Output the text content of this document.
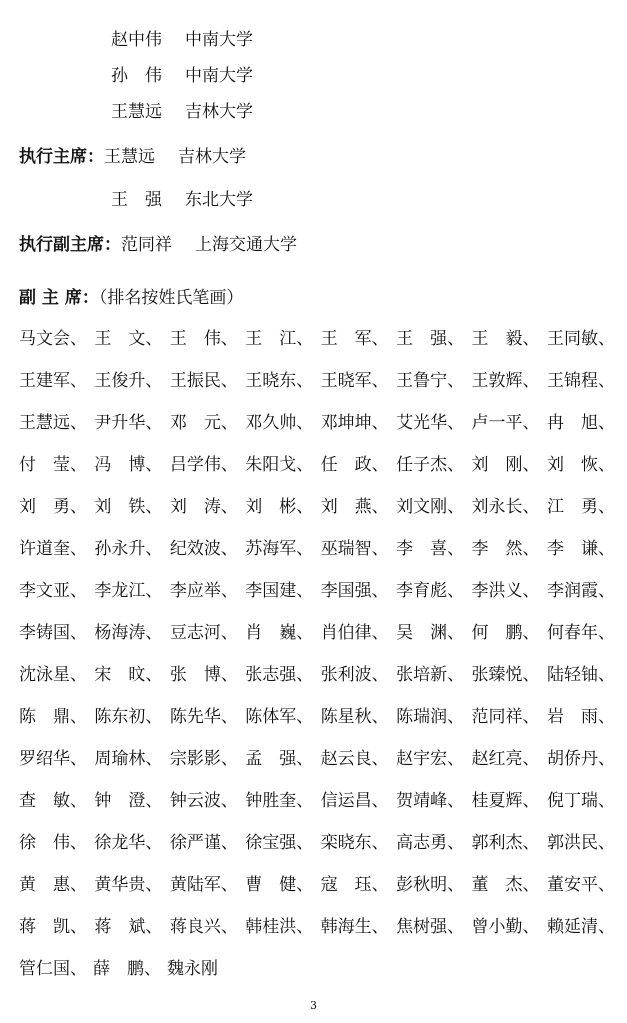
赵中伟 中南大学
孙　伟 中南大学
王慧远 吉林大学
执行主席：王慧远 吉林大学
王　强 东北大学
执行副主席：范同祥 上海交通大学
副 主 席：（排名按姓氏笔画）
马文会、 王　文、 王　伟、 王　江、 王　军、 王　强、 王　毅、 王同敏、
王建军、 王俊升、 王振民、 王晓东、 王晓军、 王鲁宁、 王敦辉、 王锦程、
王慧远、 尹升华、 邓　元、 邓久帅、 邓坤坤、 艾光华、 卢一平、 冉　旭、
付　莹、 冯　博、 吕学伟、 朱阳戈、 任　政、 任子杰、 刘　刚、 刘　恢、
刘　勇、 刘　铁、 刘　涛、 刘　彬、 刘　燕、 刘文刚、 刘永长、 江　勇、
许道奎、 孙永升、 纪效波、 苏海军、 巫瑞智、 李　喜、 李　然、 李　谦、
李文亚、 李龙江、 李应举、 李国建、 李国强、 李育彪、 李洪义、 李润霞、
李铸国、 杨海涛、 豆志河、 肖　巍、 肖伯律、 吴　渊、 何　鹏、 何春年、
沈泳星、 宋　旼、 张　博、 张志强、 张利波、 张培新、 张臻悦、 陆轻铀、
陈　鼎、 陈东初、 陈先华、 陈体军、 陈星秋、 陈瑞润、 范同祥、 岩　雨、
罗绍华、 周瑜林、 宗影影、 孟　强、 赵云良、 赵宇宏、 赵红亮、 胡侨丹、
查　敏、 钟　澄、 钟云波、 钟胜奎、 信运昌、 贺靖峰、 桂夏辉、 倪丁瑞、
徐　伟、 徐龙华、 徐严谨、 徐宝强、 栾晓东、 高志勇、 郭利杰、 郭洪民、
黄　惠、 黄华贵、 黄陆军、 曹　健、 寇　珏、 彭秋明、 董　杰、 董安平、
蒋　凯、 蒋　斌、 蒋良兴、 韩桂洪、 韩海生、 焦树强、 曾小勤、 赖延清、
管仁国、 薛　鹏、 魏永刚
3
